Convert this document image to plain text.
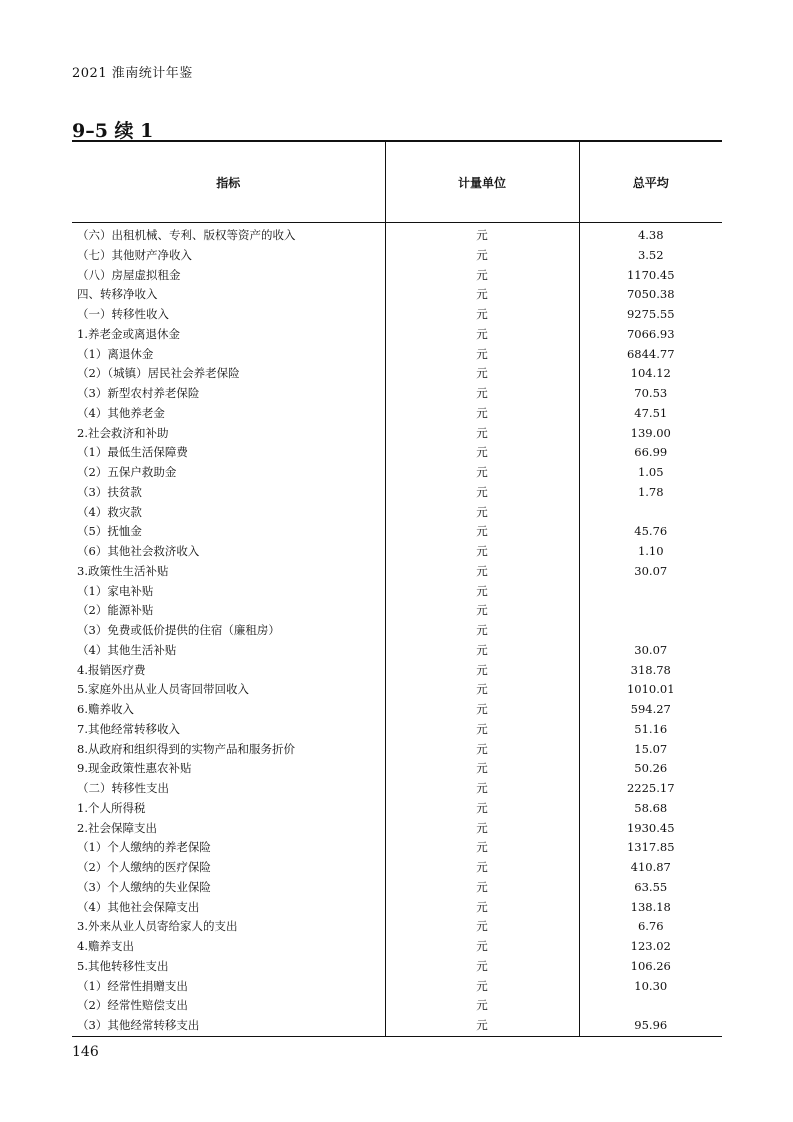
2021 淮南统计年鉴
9–5 续 1
指标	计量单位	总平均
（六）出租机械、专利、版权等资产的收入	元	4.38
（七）其他财产净收入	元	3.52
（八）房屋虚拟租金	元	1170.45
四、转移净收入	元	7050.38
（一）转移性收入	元	9275.55
1.养老金或离退休金	元	7066.93
（1）离退休金	元	6844.77
（2）（城镇）居民社会养老保险	元	104.12
（3）新型农村养老保险	元	70.53
（4）其他养老金	元	47.51
2.社会救济和补助	元	139.00
（1）最低生活保障费	元	66.99
（2）五保户救助金	元	1.05
（3）扶贫款	元	1.78
（4）救灾款	元	
（5）抚恤金	元	45.76
（6）其他社会救济收入	元	1.10
3.政策性生活补贴	元	30.07
（1）家电补贴	元	
（2）能源补贴	元	
（3）免费或低价提供的住宿（廉租房）	元	
（4）其他生活补贴	元	30.07
4.报销医疗费	元	318.78
5.家庭外出从业人员寄回带回收入	元	1010.01
6.赡养收入	元	594.27
7.其他经常转移收入	元	51.16
8.从政府和组织得到的实物产品和服务折价	元	15.07
9.现金政策性惠农补贴	元	50.26
（二）转移性支出	元	2225.17
1.个人所得税	元	58.68
2.社会保障支出	元	1930.45
（1）个人缴纳的养老保险	元	1317.85
（2）个人缴纳的医疗保险	元	410.87
（3）个人缴纳的失业保险	元	63.55
（4）其他社会保障支出	元	138.18
3.外来从业人员寄给家人的支出	元	6.76
4.赡养支出	元	123.02
5.其他转移性支出	元	106.26
（1）经常性捐赠支出	元	10.30
（2）经常性赔偿支出	元	
（3）其他经常转移支出	元	95.96
146
